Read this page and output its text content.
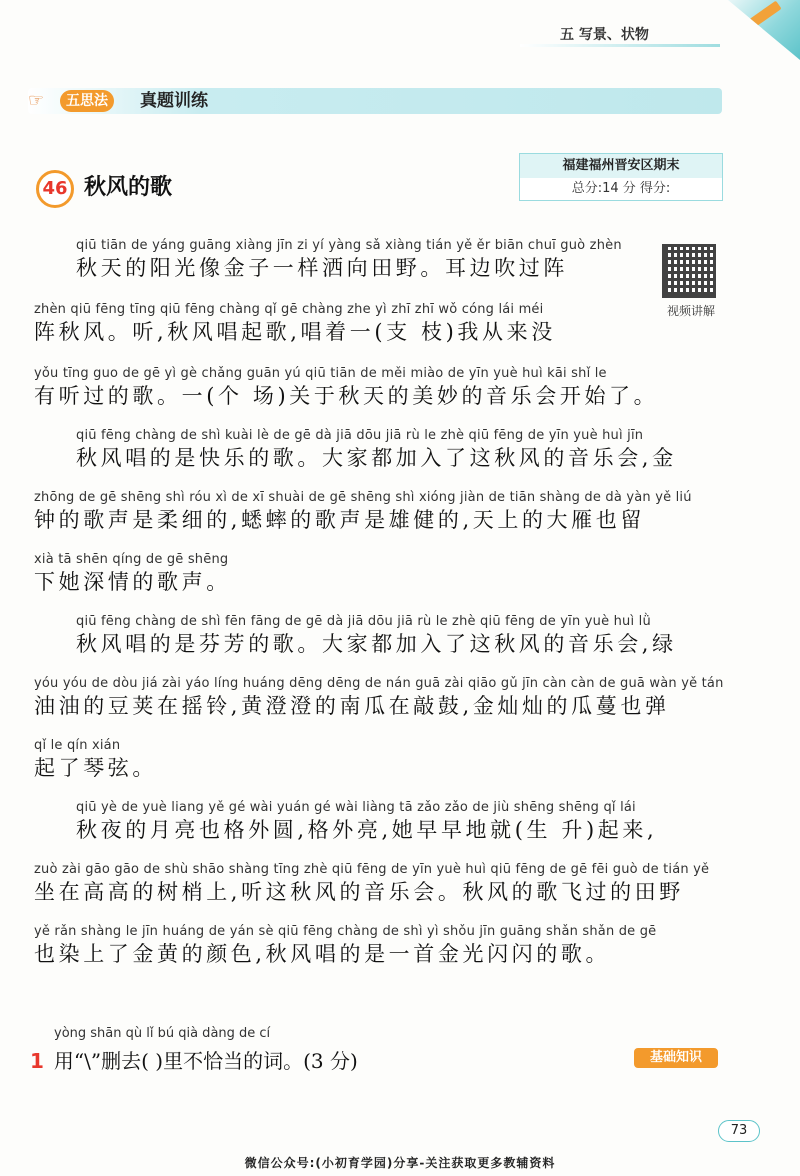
五 写景、状物
☞	五思法	真题训练
46 秋风的歌
福建福州晋安区期末
总分:14 分 得分:
视频讲解
qiū tiān de yáng guāng xiàng jīn zi yí yàng sǎ xiàng tián yě ěr biān chuī guò zhèn
秋天的阳光像金子一样洒向田野。耳边吹过阵
zhèn qiū fēng tīng qiū fēng chàng qǐ gē chàng zhe yì zhī zhī wǒ cóng lái méi
阵秋风。听,秋风唱起歌,唱着一(支 枝)我从来没
yǒu tīng guo de gē yì gè chǎng guān yú qiū tiān de měi miào de yīn yuè huì kāi shǐ le
有听过的歌。一(个 场)关于秋天的美妙的音乐会开始了。
qiū fēng chàng de shì kuài lè de gē dà jiā dōu jiā rù le zhè qiū fēng de yīn yuè huì jīn
秋风唱的是快乐的歌。大家都加入了这秋风的音乐会,金
zhōng de gē shēng shì róu xì de xī shuài de gē shēng shì xióng jiàn de tiān shàng de dà yàn yě liú
钟的歌声是柔细的,蟋蟀的歌声是雄健的,天上的大雁也留
xià tā shēn qíng de gē shēng
下她深情的歌声。
qiū fēng chàng de shì fēn fāng de gē dà jiā dōu jiā rù le zhè qiū fēng de yīn yuè huì lǜ
秋风唱的是芬芳的歌。大家都加入了这秋风的音乐会,绿
yóu yóu de dòu jiá zài yáo líng huáng dēng dēng de nán guā zài qiāo gǔ jīn càn càn de guā wàn yě tán
油油的豆荚在摇铃,黄澄澄的南瓜在敲鼓,金灿灿的瓜蔓也弹
qǐ le qín xián
起了琴弦。
qiū yè de yuè liang yě gé wài yuán gé wài liàng tā zǎo zǎo de jiù shēng shēng qǐ lái
秋夜的月亮也格外圆,格外亮,她早早地就(生 升)起来,
zuò zài gāo gāo de shù shāo shàng tīng zhè qiū fēng de yīn yuè huì qiū fēng de gē fēi guò de tián yě
坐在高高的树梢上,听这秋风的音乐会。秋风的歌飞过的田野
yě rǎn shàng le jīn huáng de yán sè qiū fēng chàng de shì yì shǒu jīn guāng shǎn shǎn de gē
也染上了金黄的颜色,秋风唱的是一首金光闪闪的歌。
yòng shān qù lǐ bú qià dàng de cí
1 用“\”删去( )里不恰当的词。(3 分)	基础知识
73
微信公众号:(小初育学园)分享-关注获取更多教辅资料
